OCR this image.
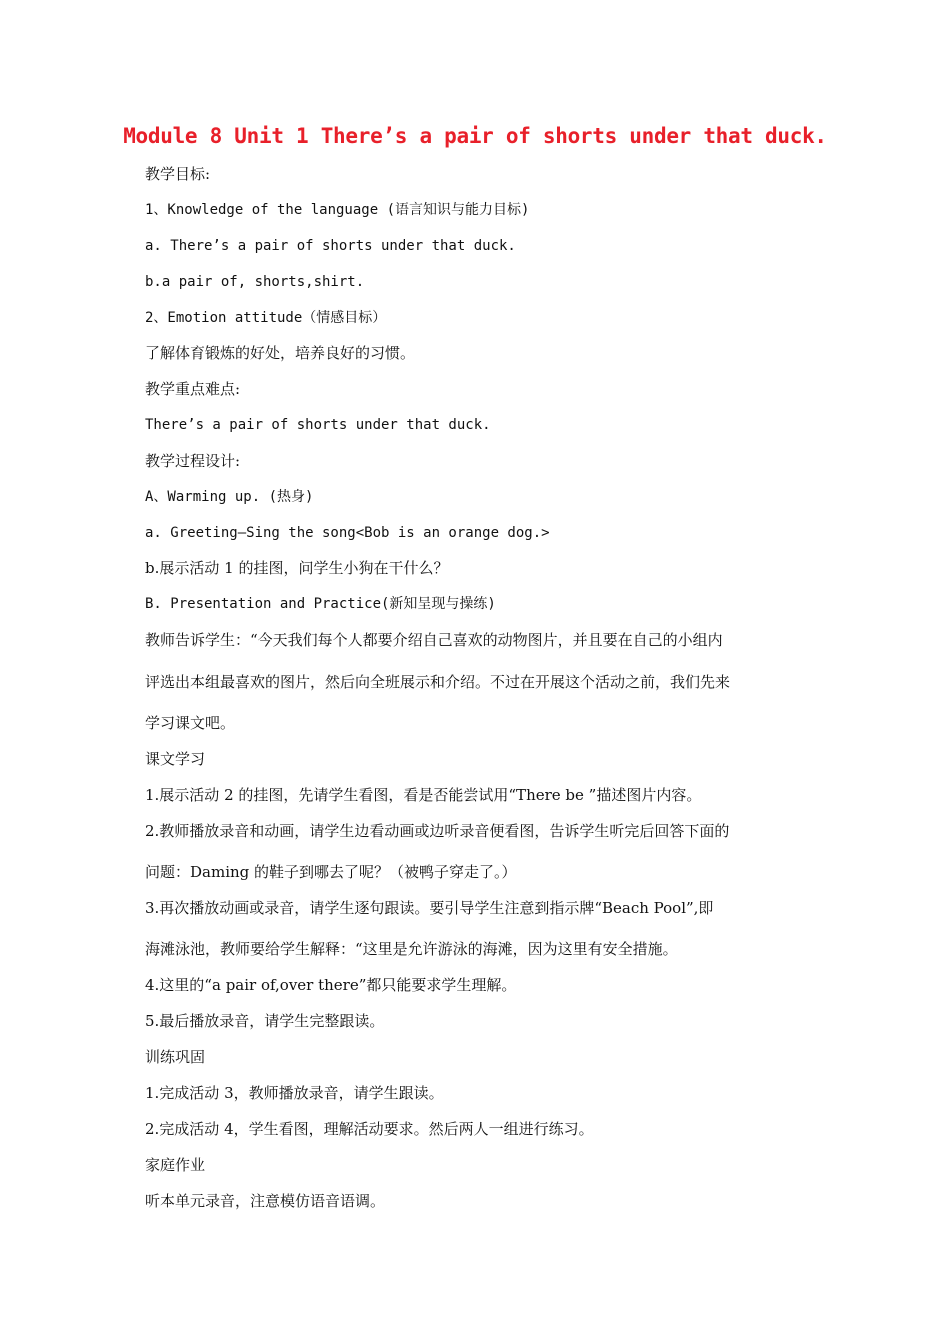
Module 8 Unit 1 There’s a pair of shorts under that duck.
教学目标:
1、Knowledge of the language (语言知识与能力目标)
a. There’s a pair of shorts under that duck.
b.a pair of, shorts,shirt.
2、Emotion attitude（情感目标）
了解体育锻炼的好处，培养良好的习惯。
教学重点难点:
There’s a pair of shorts under that duck.
教学过程设计:
A、Warming up. (热身)
a. Greeting—Sing the song<Bob is an orange dog.>
b.展示活动 1 的挂图，问学生小狗在干什么？
B. Presentation and Practice(新知呈现与操练)
教师告诉学生：“今天我们每个人都要介绍自己喜欢的动物图片，并且要在自己的小组内
评选出本组最喜欢的图片，然后向全班展示和介绍。不过在开展这个活动之前，我们先来
学习课文吧。
课文学习
1.展示活动 2 的挂图，先请学生看图，看是否能尝试用“There be ”描述图片内容。
2.教师播放录音和动画，请学生边看动画或边听录音便看图，告诉学生听完后回答下面的
问题：Daming 的鞋子到哪去了呢？（被鸭子穿走了。）
3.再次播放动画或录音，请学生逐句跟读。要引导学生注意到指示牌“Beach Pool”,即
海滩泳池，教师要给学生解释：“这里是允许游泳的海滩，因为这里有安全措施。
4.这里的“a pair of,over there”都只能要求学生理解。
5.最后播放录音，请学生完整跟读。
训练巩固
1.完成活动 3，教师播放录音，请学生跟读。
2.完成活动 4，学生看图，理解活动要求。然后两人一组进行练习。
家庭作业
听本单元录音，注意模仿语音语调。
